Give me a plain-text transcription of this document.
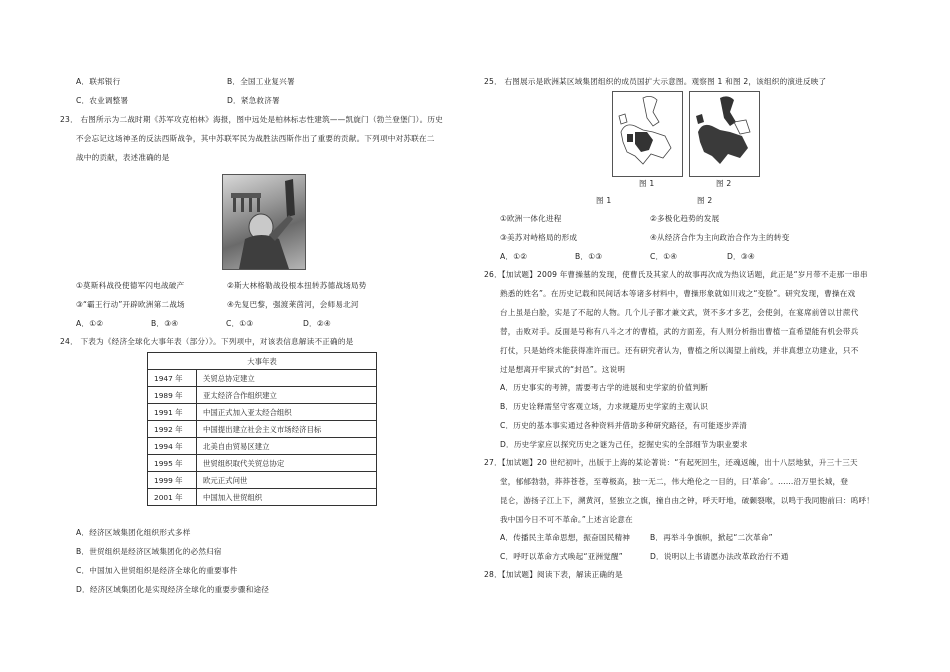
A．联邦银行	B．全国工业复兴署
C．农业调整署	D．紧急救济署
23． 右图所示为二战时期《苏军攻克柏林》海报，图中远处是柏林标志性建筑——凯旋门（勃兰登堡门）。历史
不会忘记这场神圣的反法西斯战争，其中苏联军民为战胜法西斯作出了重要的贡献。下列项中对苏联在二
战中的贡献，表述准确的是
①莫斯科战役使德军闪电战破产	②斯大林格勒战役根本扭转苏德战场局势
③“霸王行动”开辟欧洲第二战场	④先复巴黎，强渡莱茵河，会师易北河
A．①②	B．③④	C．①③	D．②④
24． 下表为《经济全球化大事年表（部分）》。下列项中，对该表信息解读不正确的是
大事年表	
1947 年	关贸总协定建立
1989 年	亚太经济合作组织建立
1991 年	中国正式加入亚太经合组织
1992 年	中国提出建立社会主义市场经济目标
1994 年	北美自由贸易区建立
1995 年	世贸组织取代关贸总协定
1999 年	欧元正式问世
2001 年	中国加入世贸组织
A．经济区域集团化组织形式多样
B．世贸组织是经济区域集团化的必然归宿
C．中国加入世贸组织是经济全球化的重要事件
D．经济区域集团化是实现经济全球化的重要步骤和途径
25． 右图展示是欧洲某区域集团组织的成员国扩大示意图。观察图 1 和图 2，该组织的演进反映了
图 1	图 2
图 1	图 2
①欧洲一体化进程	②多极化趋势的发展
③美苏对峙格局的形成	④从经济合作为主向政治合作为主的转变
A．①②	B．①③	C．①④	D．③④
26．【加试题】2009 年曹操墓的发现，使曹氏及其家人的故事再次成为热议话题，此正是“岁月带不走那一串串
熟悉的姓名”。在历史记载和民间话本等诸多材料中，曹操形象就如川戏之“变脸”。研究发现，曹操在戏
台上虽是白脸，实是了不起的人物。几个儿子都才兼文武，贤不多才多艺，会使剑，在宴席前曾以甘蔗代
替，击败对手。反面是号称有八斗之才的曹植，武的方面差，有人则分析指出曹植一直希望能有机会带兵
打仗，只是始终未能获得准许而已。还有研究者认为，曹植之所以渴望上前线，并非真想立功建业，只不
过是想离开牢狱式的“封邑”。这说明
A．历史事实的考辨，需要考古学的进展和史学家的价值判断
B．历史诠释需坚守客观立场，力求规避历史学家的主观认识
C．历史的基本事实通过各种资料并借助多种研究路径，有可能逐步弄清
D．历史学家应以探究历史之谜为己任，挖掘史实的全部细节为职业要求
27．【加试题】20 世纪初叶，出版于上海的某论著说：“有起死回生，还魂返魄，出十八层地狱，升三十三天
堂，郁郁勃勃，莽莽苍苍，至尊极高，独一无二，伟大绝伦之一目的，曰‘革命’。……沿万里长城，登
昆仑，游扬子江上下，溯黄河，竖独立之旗，撞自由之钟，呼天吁地，破颡裂喉，以鸣于我同胞前曰：呜呼！
我中国今日不可不革命。”上述言论意在
A．传播民主革命思想，振奋国民精神	B．再举斗争旗帜，掀起“二次革命”
C．呼吁以革命方式唤起“亚洲觉醒”	D．说明以上书请愿办法改革政治行不通
28．【加试题】阅读下表，解读正确的是
